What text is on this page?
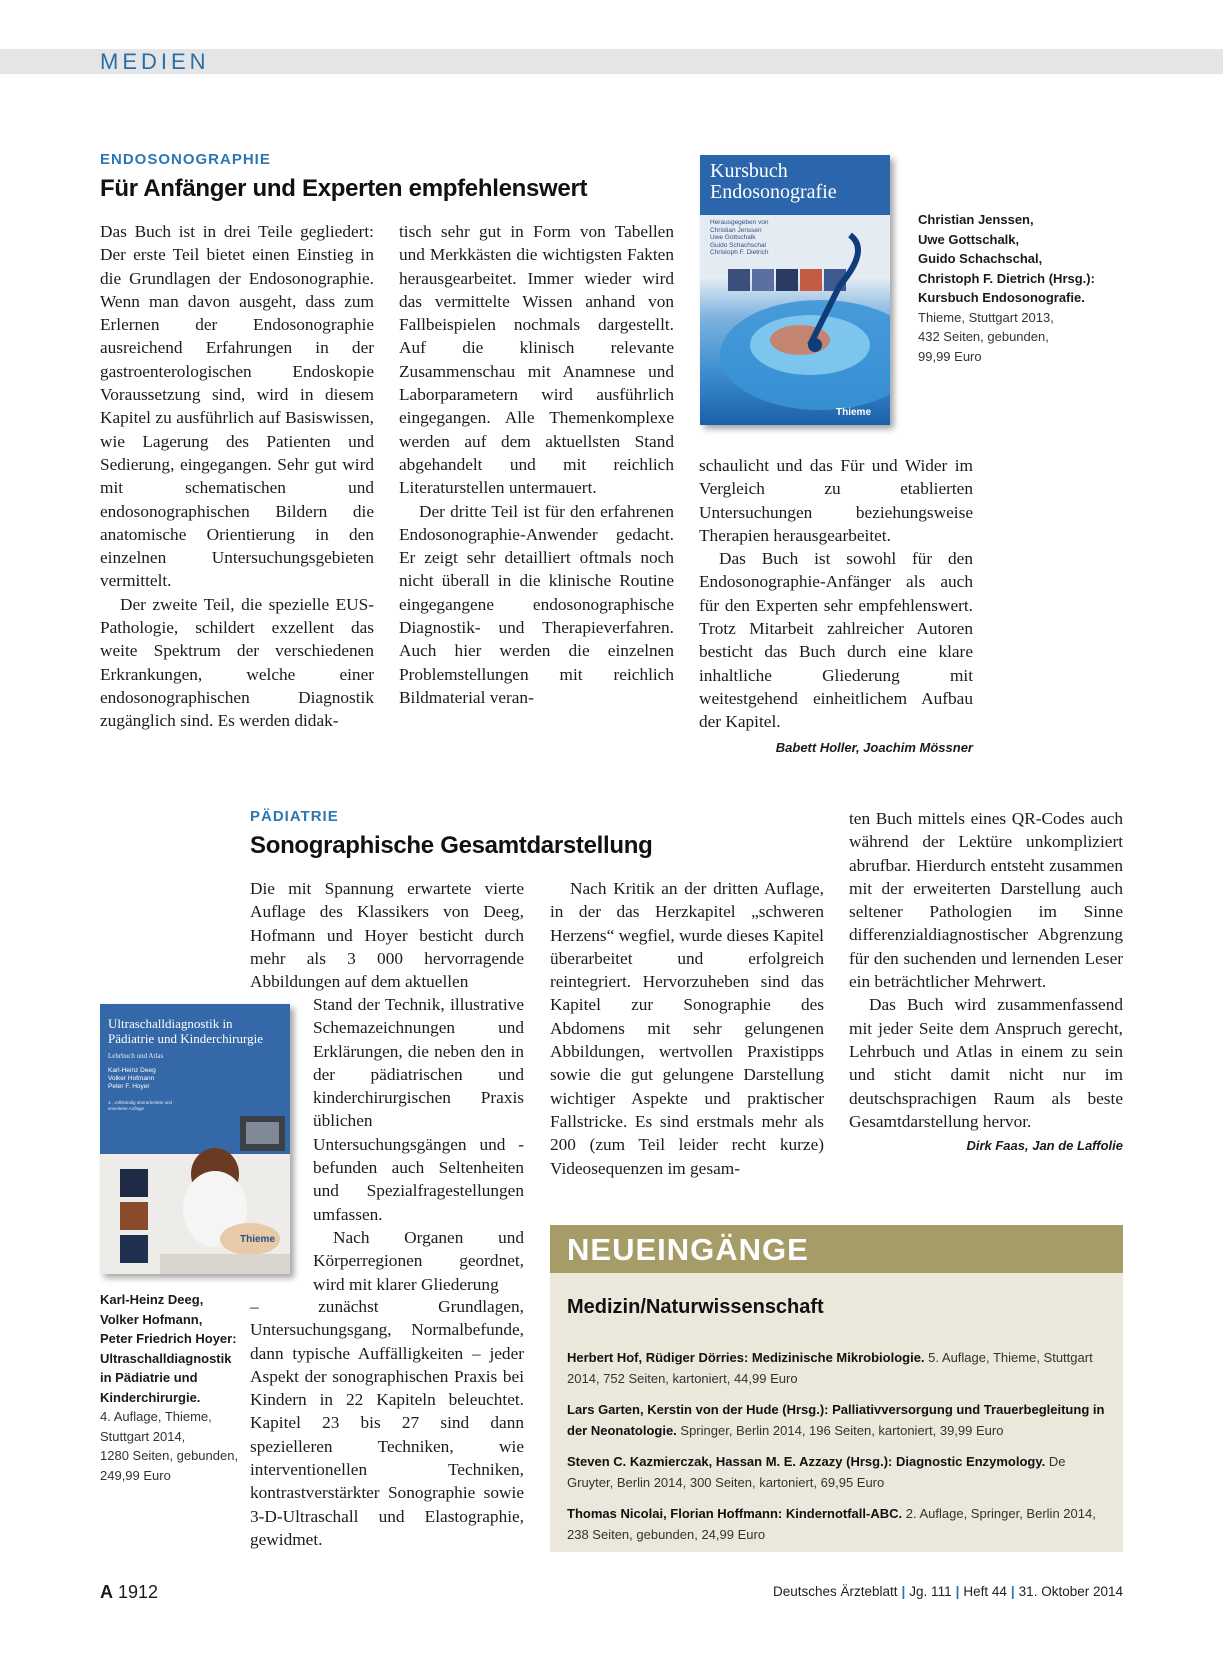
MEDIEN
ENDOSONOGRAPHIE
Für Anfänger und Experten empfehlenswert

Das Buch ist in drei Teile gegliedert: Der erste Teil bietet einen Einstieg in die Grundlagen der Endosonographie. Wenn man davon ausgeht, dass zum Erlernen der Endosonographie ausreichend Erfahrungen in der gastroenterologischen Endoskopie Voraussetzung sind, wird in diesem Kapitel zu ausführlich auf Basiswissen, wie Lagerung des Patienten und Sedierung, eingegangen. Sehr gut wird mit schematischen und endosonographischen Bildern die anatomische Orientierung in den einzelnen Untersuchungsgebieten vermittelt.

Der zweite Teil, die spezielle EUS-Pathologie, schildert exzellent das weite Spektrum der verschiedenen Erkrankungen, welche einer endosonographischen Diagnostik zugänglich sind. Es werden didak-

tisch sehr gut in Form von Tabellen und Merkkästen die wichtigsten Fakten herausgearbeitet. Immer wieder wird das vermittelte Wissen anhand von Fallbeispielen nochmals dargestellt. Auf die klinisch relevante Zusammenschau mit Anamnese und Laborparametern wird ausführlich eingegangen. Alle Themenkomplexe werden auf dem aktuellsten Stand abgehandelt und mit reichlich Literaturstellen untermauert.

Der dritte Teil ist für den erfahrenen Endosonographie-Anwender gedacht. Er zeigt sehr detailliert oftmals noch nicht überall in die klinische Routine eingegangene endosonographische Diagnostik- und Therapieverfahren. Auch hier werden die einzelnen Problemstellungen mit reichlich Bildmaterial veran-

schaulicht und das Für und Wider im Vergleich zu etablierten Untersuchungen beziehungsweise Therapien herausgearbeitet.

Das Buch ist sowohl für den Endosonographie-Anfänger als auch für den Experten sehr empfehlenswert. Trotz Mitarbeit zahlreicher Autoren besticht das Buch durch eine klare inhaltliche Gliederung mit weitestgehend einheitlichem Aufbau der Kapitel.
Babett Holler, Joachim Mössner

Kursbuch
Endosonografie
Herausgegeben von
Christian Jenssen
Uwe Gottschalk
Guido Schachschal
Christoph F. Dietrich
Thieme
Christian Jenssen,
Uwe Gottschalk,
Guido Schachschal,
Christoph F. Dietrich (Hrsg.):
Kursbuch Endosonografie.
Thieme, Stuttgart 2013,
432 Seiten, gebunden,
99,99 Euro
PÄDIATRIE
Sonographische Gesamtdarstellung

Die mit Spannung erwartete vierte Auflage des Klassikers von Deeg, Hofmann und Hoyer besticht durch mehr als 3 000 hervorragende Abbildungen auf dem aktuellen

Stand der Technik, illustrative Schemazeichnungen und Erklärungen, die neben den in der pädiatrischen und kinderchirurgischen Praxis üblichen Untersuchungsgängen und -befunden auch Seltenheiten und Spezialfragestellungen umfassen.

Nach Organen und Körperregionen geordnet, wird mit klarer Gliederung

– zunächst Grundlagen, Untersuchungsgang, Normalbefunde, dann typische Auffälligkeiten – jeder Aspekt der sonographischen Praxis bei Kindern in 22 Kapiteln beleuchtet. Kapitel 23 bis 27 sind dann spezielleren Techniken, wie interventionellen Techniken, kontrastverstärkter Sonographie sowie 3-D-Ultraschall und Elastographie, gewidmet.

Nach Kritik an der dritten Auflage, in der das Herzkapitel „schweren Herzens“ wegfiel, wurde dieses Kapitel überarbeitet und erfolgreich reintegriert. Hervorzuheben sind das Kapitel zur Sonographie des Abdomens mit sehr gelungenen Abbildungen, wertvollen Praxistipps sowie die gut gelungene Darstellung wichtiger Aspekte und praktischer Fallstricke. Es sind erstmals mehr als 200 (zum Teil leider recht kurze) Videosequenzen im gesam-

ten Buch mittels eines QR-Codes auch während der Lektüre unkompliziert abrufbar. Hierdurch entsteht zusammen mit der erweiterten Darstellung auch seltener Pathologien im Sinne differenzialdiagnostischer Abgrenzung für den suchenden und lernenden Leser ein beträchtlicher Mehrwert.

Das Buch wird zusammenfassend mit jeder Seite dem Anspruch gerecht, Lehrbuch und Atlas in einem zu sein und sticht damit nicht nur im deutschsprachigen Raum als beste Gesamtdarstellung hervor.

Dirk Faas, Jan de Laffolie
Ultraschalldiagnostik in
Pädiatrie und Kinderchirurgie
Lehrbuch und Atlas
Karl-Heinz Deeg
Volker Hofmann
Peter F. Hoyer
4., vollständig überarbeitete und erweiterte Auflage
Thieme
Karl-Heinz Deeg,
Volker Hofmann,
Peter Friedrich Hoyer:
Ultraschalldiagnostik
in Pädiatrie und
Kinderchirurgie.
4. Auflage, Thieme,
Stuttgart 2014,
1280 Seiten, gebunden,
249,99 Euro
NEUEINGÄNGE
Medizin/Naturwissenschaft
Herbert Hof, Rüdiger Dörries: Medizinische Mikrobiologie. 5. Auflage, Thieme, Stuttgart 2014, 752 Seiten, kartoniert, 44,99 Euro
Lars Garten, Kerstin von der Hude (Hrsg.): Palliativversorgung und Trauerbegleitung in der Neonatologie. Springer, Berlin 2014, 196 Seiten, kartoniert, 39,99 Euro
Steven C. Kazmierczak, Hassan M. E. Azzazy (Hrsg.): Diagnostic Enzymology. De Gruyter, Berlin 2014, 300 Seiten, kartoniert, 69,95 Euro
Thomas Nicolai, Florian Hoffmann: Kindernotfall-ABC. 2. Auflage, Springer, Berlin 2014, 238 Seiten, gebunden, 24,99 Euro
A 1912	Deutsches Ärzteblatt | Jg. 111 | Heft 44 | 31. Oktober 2014
